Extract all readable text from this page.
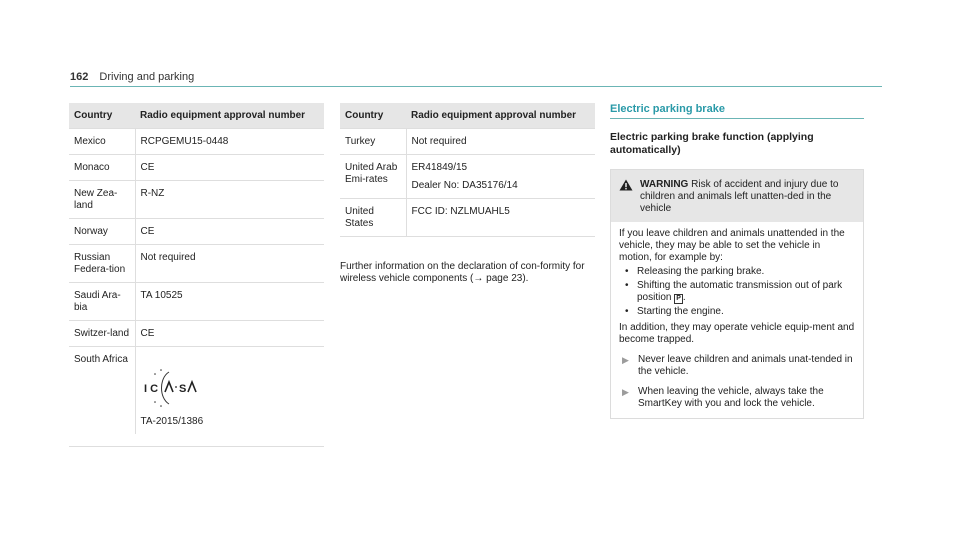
162 Driving and parking
Country	Radio equipment approval number
Mexico	RCPGEMU15-0448
Monaco	CE
New Zea-land	R-NZ
Norway	CE
Russian Federa-tion	Not required
Saudi Ara-bia	TA 10525
Switzer-land	CE
South Africa	I C S
TA-2015/1386
Country	Radio equipment approval number
Turkey	Not required
United Arab Emi-rates	ER41849/15
Dealer No: DA35176/14

United States	FCC ID: NZLMUAHL5
Further information on the declaration of con-formity for wireless vehicle components (→ page 23).
Electric parking brake
Electric parking brake function (applying automatically)
WARNING Risk of accident and injury due to children and animals left unatten-ded in the vehicle
If you leave children and animals unattended in the vehicle, they may be able to set the vehicle in motion, for example by:
• Releasing the parking brake.
• Shifting the automatic transmission out of park position P .
• Starting the engine.
In addition, they may operate vehicle equip-ment and become trapped.
▶ Never leave children and animals unat-tended in the vehicle.
▶ When leaving the vehicle, always take the SmartKey with you and lock the vehicle.
